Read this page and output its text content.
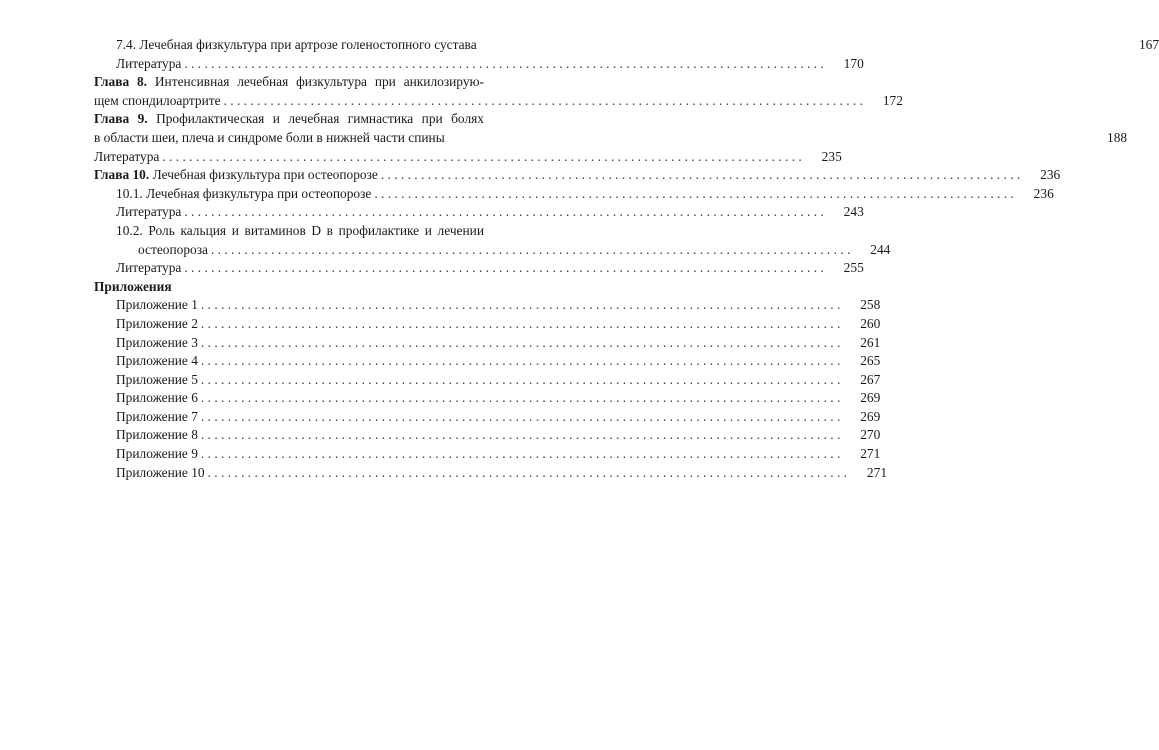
7.4. Лечебная физкультура при артрозе голеностопного сустава	167
Литература . . .	170
Глава 8. Интенсивная лечебная физкультура при анкилозирую-
щем спондилоартрите . . .	172
Глава 9. Профилактическая и лечебная гимнастика при болях
в области шеи, плеча и синдроме боли в нижней части спины	188
Литература . . .	235
Глава 10. Лечебная физкультура при остеопорозе . . .	236
10.1. Лечебная физкультура при остеопорозе . . .	236
Литература . . .	243
10.2. Роль кальция и витаминов D в профилактике и лечении
остеопороза . . .	244
Литература . . .	255
Приложения
Приложение 1 . . .	258
Приложение 2 . . .	260
Приложение 3 . . .	261
Приложение 4 . . .	265
Приложение 5 . . .	267
Приложение 6 . . .	269
Приложение 7 . . .	269
Приложение 8 . . .	270
Приложение 9 . . .	271
Приложение 10 . . .	271
